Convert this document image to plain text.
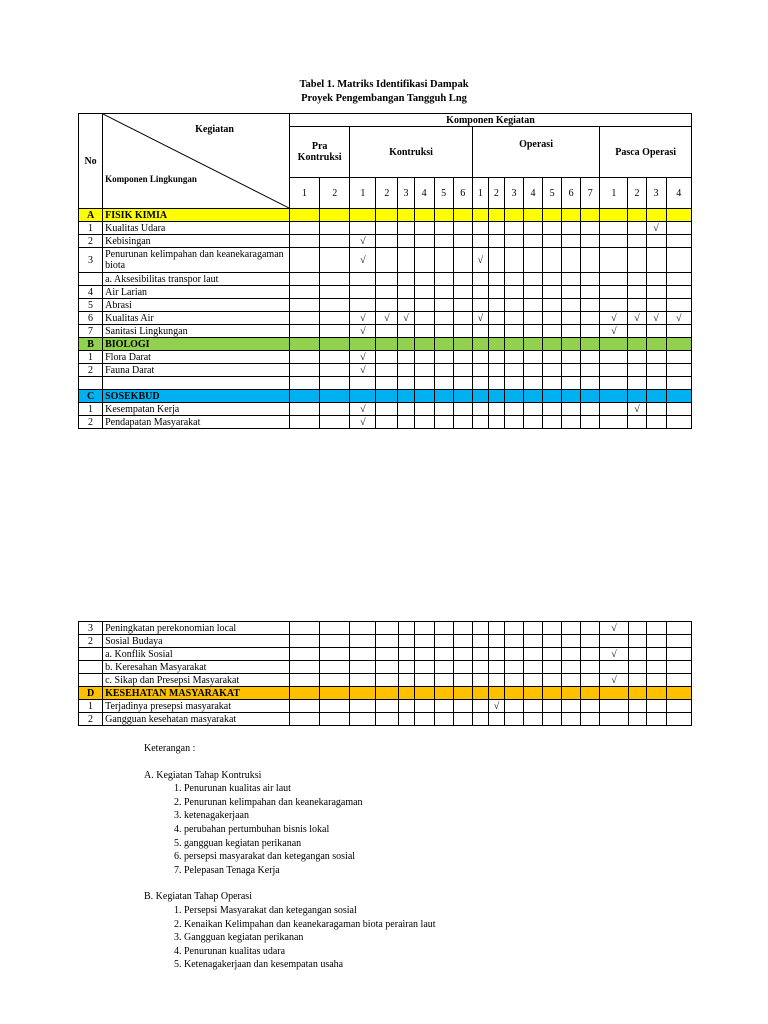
Tabel 1. Matriks Identifikasi Dampak
Proyek Pengembangan Tangguh Lng
No	Kegiatan
Komponen Lingkungan	Komponen Kegiatan																		
		Pra Kontruksi		Kontruksi						Operasi							Pasca Operasi			
		1	2	1	2	3	4	5	6	1	2	3	4	5	6	7	1	2	3	4
A	FISIK KIMIA																			
1	Kualitas Udara																		√	
2	Kebisingan			√																
3	Penurunan kelimpahan dan keanekaragaman biota			√						√										
	a. Aksesibilitas transpor laut																			
4	Air Larian																			
5	Abrasi																			
6	Kualitas Air			√	√	√				√							√	√	√	√
7	Sanitasi Lingkungan			√													√			
B	BIOLOGI																			
1	Flora Darat			√																
2	Fauna Darat			√																

C	SOSEKBUD																			
1	Kesempatan Kerja			√														√		
2	Pendapatan Masyarakat			√																
3	Peningkatan perekonomian local																√			
2	Sosial Budaya																			
	a. Konflik Sosial																√			
	b. Keresahan Masyarakat																			
	c. Sikap dan Presepsi Masyarakat																√			
D	KESEHATAN MASYARAKAT																			
1	Terjadinya presepsi masyarakat										√									
2	Gangguan kesehatan masyarakat																			
Keterangan :
A. Kegiatan Tahap Kontruksi
1. Penurunan kualitas air laut
2. Penurunan kelimpahan dan keanekaragaman
3. ketenagakerjaan
4. perubahan pertumbuhan bisnis lokal
5. gangguan kegiatan perikanan
6. persepsi masyarakat dan ketegangan sosial
7. Pelepasan Tenaga Kerja
B. Kegiatan Tahap Operasi
1. Persepsi Masyarakat dan ketegangan sosial
2. Kenaikan Kelimpahan dan keanekaragaman biota perairan laut
3. Gangguan kegiatan perikanan
4. Penurunan kualitas udara
5. Ketenagakerjaan dan kesempatan usaha
